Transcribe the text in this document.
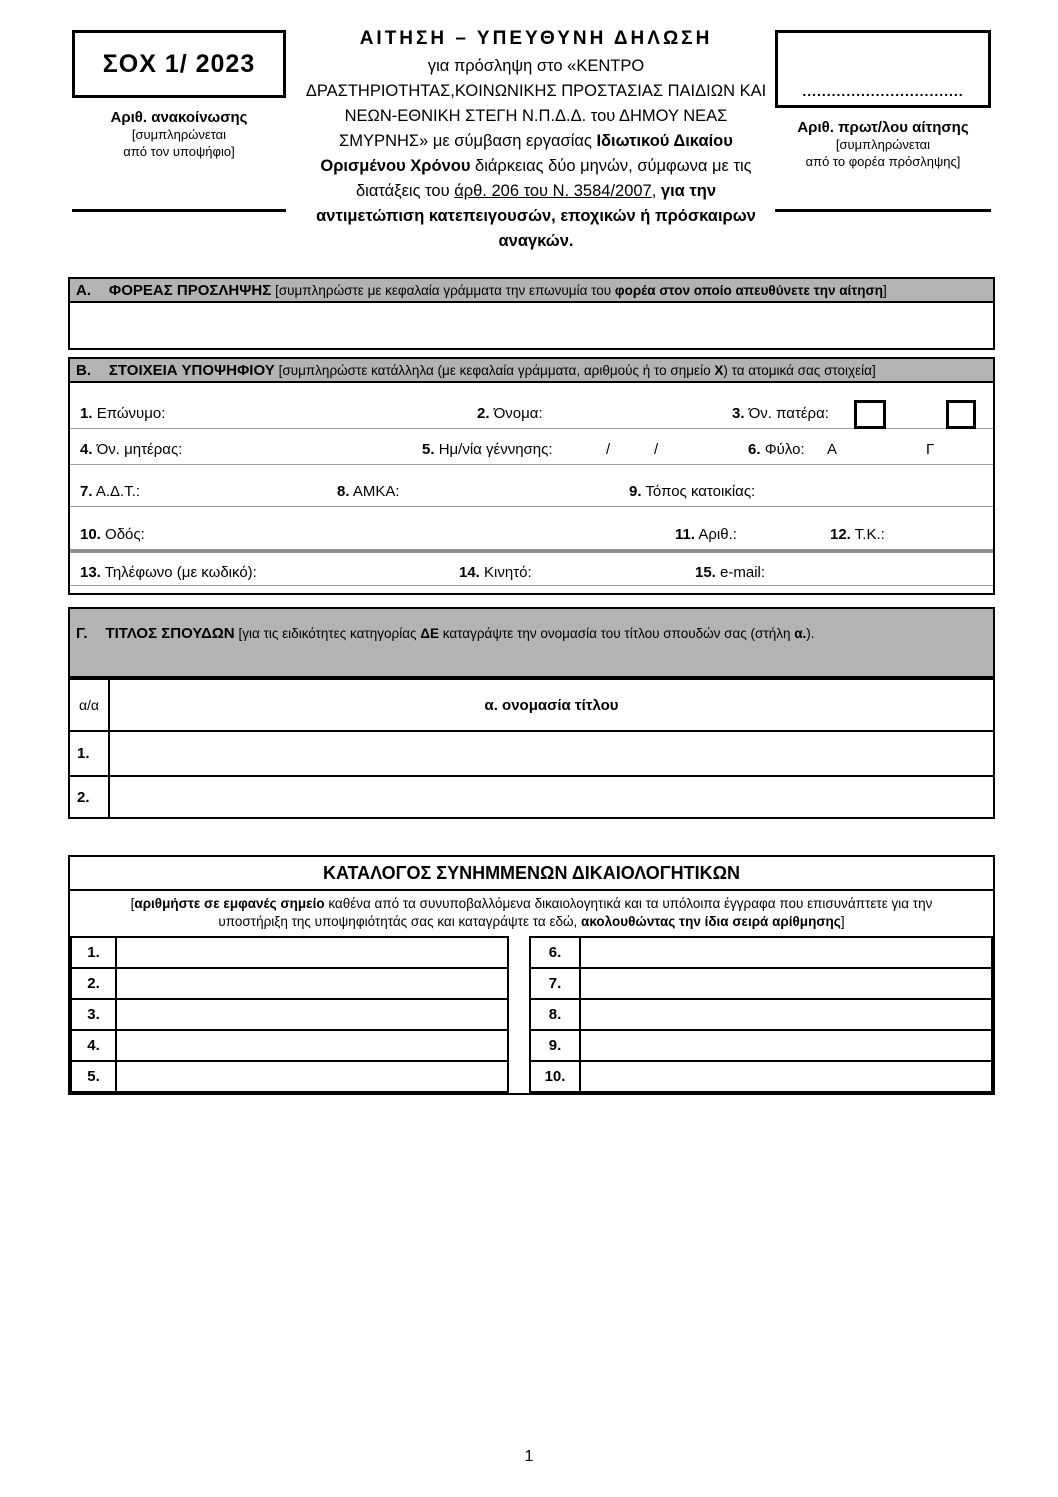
ΣΟΧ 1/ 2023
Αριθ. ανακοίνωσης
[συμπληρώνεται
από τον υποψήφιο]
ΑΙΤΗΣΗ – ΥΠΕΥΘΥΝΗ ΔΗΛΩΣΗ
για πρόσληψη στο «ΚΕΝΤΡΟ ΔΡΑΣΤΗΡΙΟΤΗΤΑΣ,ΚΟΙΝΩΝΙΚΗΣ ΠΡΟΣΤΑΣΙΑΣ ΠΑΙΔΙΩΝ ΚΑΙ ΝΕΩΝ-ΕΘΝΙΚΗ ΣΤΕΓΗ Ν.Π.Δ.Δ. του ΔΗΜΟΥ ΝΕΑΣ ΣΜΥΡΝΗΣ» με σύμβαση εργασίας Ιδιωτικού Δικαίου Ορισμένου Χρόνου διάρκειας δύο μηνών, σύμφωνα με τις διατάξεις του άρθ. 206 του Ν. 3584/2007, για την αντιμετώπιση κατεπειγουσών, εποχικών ή πρόσκαιρων αναγκών.
.................................
Αριθ. πρωτ/λου αίτησης
[συμπληρώνεται
από το φορέα πρόσληψης]
Α. ΦΟΡΕΑΣ ΠΡΟΣΛΗΨΗΣ [συμπληρώστε με κεφαλαία γράμματα την επωνυμία του φορέα στον οποίο απευθύνετε την αίτηση]
Β. ΣΤΟΙΧΕΙΑ ΥΠΟΨΗΦΙΟΥ [συμπληρώστε κατάλληλα (με κεφαλαία γράμματα, αριθμούς ή το σημείο Χ) τα ατομικά σας στοιχεία]
1. Επώνυμο:	2. Όνομα:	3. Όν. πατέρα:
4. Όν. μητέρας:	5. Ημ/νία γέννησης:	/	/	6. Φύλο: Α	Γ
7. Α.Δ.Τ.:	8. ΑΜΚΑ:	9. Τόπος κατοικίας:
10. Οδός:	11. Αριθ.:	12. Τ.Κ.:
13. Τηλέφωνο (με κωδικό):	14. Κινητό:	15. e-mail:
Γ. ΤΙΤΛΟΣ ΣΠΟΥΔΩΝ [για τις ειδικότητες κατηγορίας ΔΕ καταγράψτε την ονομασία του τίτλου σπουδών σας (στήλη α.).
α/α	α. ονομασία τίτλου
1.	
2.	
ΚΑΤΑΛΟΓΟΣ ΣΥΝΗΜΜΕΝΩΝ ΔΙΚΑΙΟΛΟΓΗΤΙΚΩΝ
[αριθμήστε σε εμφανές σημείο καθένα από τα συνυποβαλλόμενα δικαιολογητικά και τα υπόλοιπα έγγραφα που επισυνάπτετε για την υποστήριξη της υποψηφιότητάς σας και καταγράψτε τα εδώ, ακολουθώντας την ίδια σειρά αρίθμησης]
1.			6.	
2.			7.	
3.			8.	
4.			9.	
5.			10.	
1
